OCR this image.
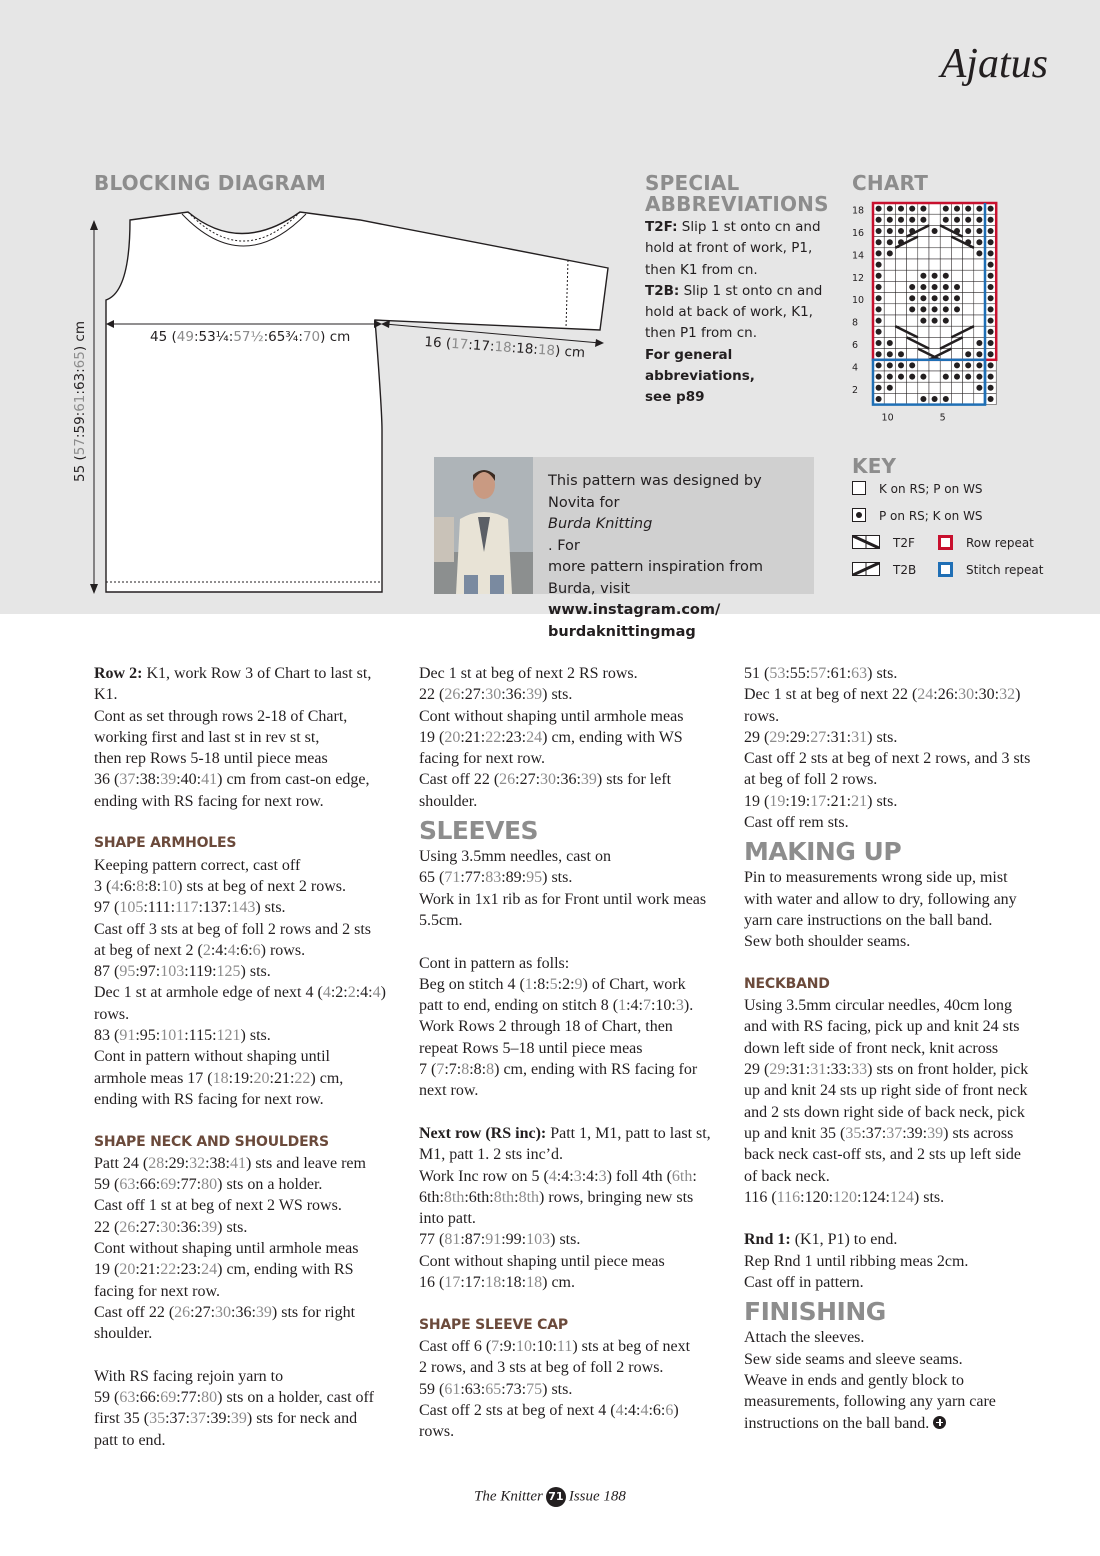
Ajatus
BLOCKING DIAGRAM
45 (49:53¼:57½:65¾:70) cm	16 (17:17:18:18:18) cm
55 (57:59:61:63:65) cm
SPECIAL
ABBREVIATIONS

T2F: Slip 1 st onto cn and

hold at front of work, P1,

then K1 from cn.

T2B: Slip 1 st onto cn and

hold at back of work, K1,

then P1 from cn.

For general abbreviations,

see p89

CHART
18
16
14
12
10
8
6
4
2
10	5
KEY
K on RS; P on WS
P on RS; K on WS
T2F
T2B
Row repeat
Stitch repeat
This pattern was designed by
Novita for
Burda Knitting
. For
more pattern inspiration from
Burda, visit
www.instagram.com/
burdaknittingmag

Row 2: K1, work Row 3 of Chart to last st,

K1.

Cont as set through rows 2-18 of Chart,

working first and last st in rev st st,

then rep Rows 5-18 until piece meas

36 (37:38:39:40:41) cm from cast-on edge,

ending with RS facing for next row.

SHAPE ARMHOLES

Keeping pattern correct, cast off

3 (4:6:8:8:10) sts at beg of next 2 rows.

97 (105:111:117:137:143) sts.

Cast off 3 sts at beg of foll 2 rows and 2 sts

at beg of next 2 (2:4:4:6:6) rows.

87 (95:97:103:119:125) sts.

Dec 1 st at armhole edge of next 4 (4:2:2:4:4)

rows.

83 (91:95:101:115:121) sts.

Cont in pattern without shaping until

armhole meas 17 (18:19:20:21:22) cm,

ending with RS facing for next row.

SHAPE NECK AND SHOULDERS

Patt 24 (28:29:32:38:41) sts and leave rem

59 (63:66:69:77:80) sts on a holder.

Cast off 1 st at beg of next 2 WS rows.

22 (26:27:30:36:39) sts.

Cont without shaping until armhole meas

19 (20:21:22:23:24) cm, ending with RS

facing for next row.

Cast off 22 (26:27:30:36:39) sts for right

shoulder.

With RS facing rejoin yarn to

59 (63:66:69:77:80) sts on a holder, cast off

first 35 (35:37:37:39:39) sts for neck and

patt to end.

Dec 1 st at beg of next 2 RS rows.

22 (26:27:30:36:39) sts.

Cont without shaping until armhole meas

19 (20:21:22:23:24) cm, ending with WS

facing for next row.

Cast off 22 (26:27:30:36:39) sts for left

shoulder.

SLEEVES

Using 3.5mm needles, cast on

65 (71:77:83:89:95) sts.

Work in 1x1 rib as for Front until work meas

5.5cm.

Cont in pattern as folls:

Beg on stitch 4 (1:8:5:2:9) of Chart, work

patt to end, ending on stitch 8 (1:4:7:10:3).

Work Rows 2 through 18 of Chart, then

repeat Rows 5–18 until piece meas

7 (7:7:8:8:8) cm, ending with RS facing for

next row.

Next row (RS inc): Patt 1, M1, patt to last st,

M1, patt 1. 2 sts inc’d.

Work Inc row on 5 (4:4:3:4:3) foll 4th (6th:

6th:8th:6th:8th:8th) rows, bringing new sts

into patt.

77 (81:87:91:99:103) sts.

Cont without shaping until piece meas

16 (17:17:18:18:18) cm.

SHAPE SLEEVE CAP

Cast off 6 (7:9:10:10:11) sts at beg of next

2 rows, and 3 sts at beg of foll 2 rows.

59 (61:63:65:73:75) sts.

Cast off 2 sts at beg of next 4 (4:4:4:6:6)

rows.

51 (53:55:57:61:63) sts.

Dec 1 st at beg of next 22 (24:26:30:30:32)

rows.

29 (29:29:27:31:31) sts.

Cast off 2 sts at beg of next 2 rows, and 3 sts

at beg of foll 2 rows.

19 (19:19:17:21:21) sts.

Cast off rem sts.

MAKING UP

Pin to measurements wrong side up, mist

with water and allow to dry, following any

yarn care instructions on the ball band.

Sew both shoulder seams.

NECKBAND

Using 3.5mm circular needles, 40cm long

and with RS facing, pick up and knit 24 sts

down left side of front neck, knit across

29 (29:31:31:33:33) sts on front holder, pick

up and knit 24 sts up right side of front neck

and 2 sts down right side of back neck, pick

up and knit 35 (35:37:37:39:39) sts across

back neck cast-off sts, and 2 sts up left side

of back neck.

116 (116:120:120:124:124) sts.

Rnd 1: (K1, P1) to end.

Rep Rnd 1 until ribbing meas 2cm.

Cast off in pattern.

FINISHING

Attach the sleeves.

Sew side seams and sleeve seams.

Weave in ends and gently block to

measurements, following any yarn care

instructions on the ball band.

The Knitter 71 Issue 188
